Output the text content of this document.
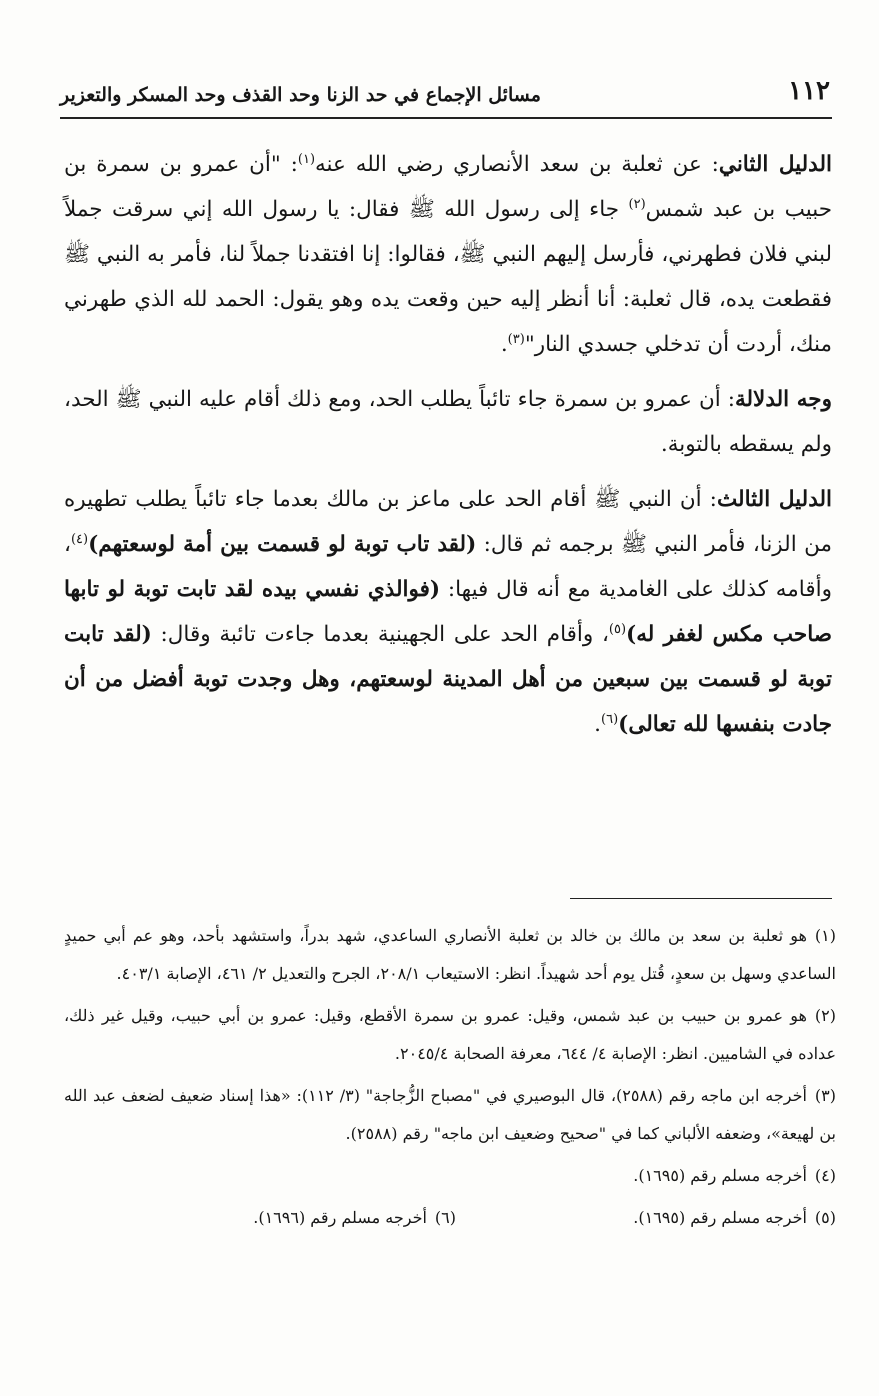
١١٢
مسائل الإجماع في حد الزنا وحد القذف وحد المسكر والتعزير

الدليل الثاني: عن ثعلبة بن سعد الأنصاري رضي الله عنه$^{(١)}$: "أن عمرو بن سمرة بن حبيب بن عبد شمس$^{(٢)}$ جاء إلى رسول الله ﷺ فقال: يا رسول الله إني سرقت جملاً لبني فلان فطهرني، فأرسل إليهم النبي ﷺ، فقالوا: إنا افتقدنا جملاً لنا، فأمر به النبي ﷺ فقطعت يده، قال ثعلبة: أنا أنظر إليه حين وقعت يده وهو يقول: الحمد لله الذي طهرني منك، أردت أن تدخلي جسدي النار"$^{(٣)}$.

وجه الدلالة: أن عمرو بن سمرة جاء تائباً يطلب الحد، ومع ذلك أقام عليه النبي ﷺ الحد، ولم يسقطه بالتوبة.

الدليل الثالث: أن النبي ﷺ أقام الحد على ماعز بن مالك بعدما جاء تائباً يطلب تطهيره من الزنا، فأمر النبي ﷺ برجمه ثم قال: (لقد تاب توبة لو قسمت بين أمة لوسعتهم)$^{(٤)}$، وأقامه كذلك على الغامدية مع أنه قال فيها: (فوالذي نفسي بيده لقد تابت توبة لو تابها صاحب مكس لغفر له)$^{(٥)}$، وأقام الحد على الجهينية بعدما جاءت تائبة وقال: (لقد تابت توبة لو قسمت بين سبعين من أهل المدينة لوسعتهم، وهل وجدت توبة أفضل من أن جادت بنفسها لله تعالى)$^{(٦)}$.

(١)هو ثعلبة بن سعد بن مالك بن خالد بن ثعلبة الأنصاري الساعدي، شهد بدراً، واستشهد بأحد، وهو عم أبي حميدٍ الساعدي وسهل بن سعدٍ، قُتل يوم أحد شهيداً. انظر: الاستيعاب ٢٠٨/١، الجرح والتعديل ٢/ ٤٦١، الإصابة ٤٠٣/١.

(٢)هو عمرو بن حبيب بن عبد شمس، وقيل: عمرو بن سمرة الأقطع، وقيل: عمرو بن أبي حبيب، وقيل غير ذلك، عداده في الشاميين. انظر: الإصابة ٤/ ٦٤٤، معرفة الصحابة ٢٠٤٥/٤.

(٣)أخرجه ابن ماجه رقم (٢٥٨٨)، قال البوصيري في "مصباح الزُّجاجة" (٣/ ١١٢): «هذا إسناد ضعيف لضعف عبد الله بن لهيعة»، وضعفه الألباني كما في "صحيح وضعيف ابن ماجه" رقم (٢٥٨٨).

(٤)أخرجه مسلم رقم (١٦٩٥).

(٥)أخرجه مسلم رقم (١٦٩٥).

(٦)أخرجه مسلم رقم (١٦٩٦).
